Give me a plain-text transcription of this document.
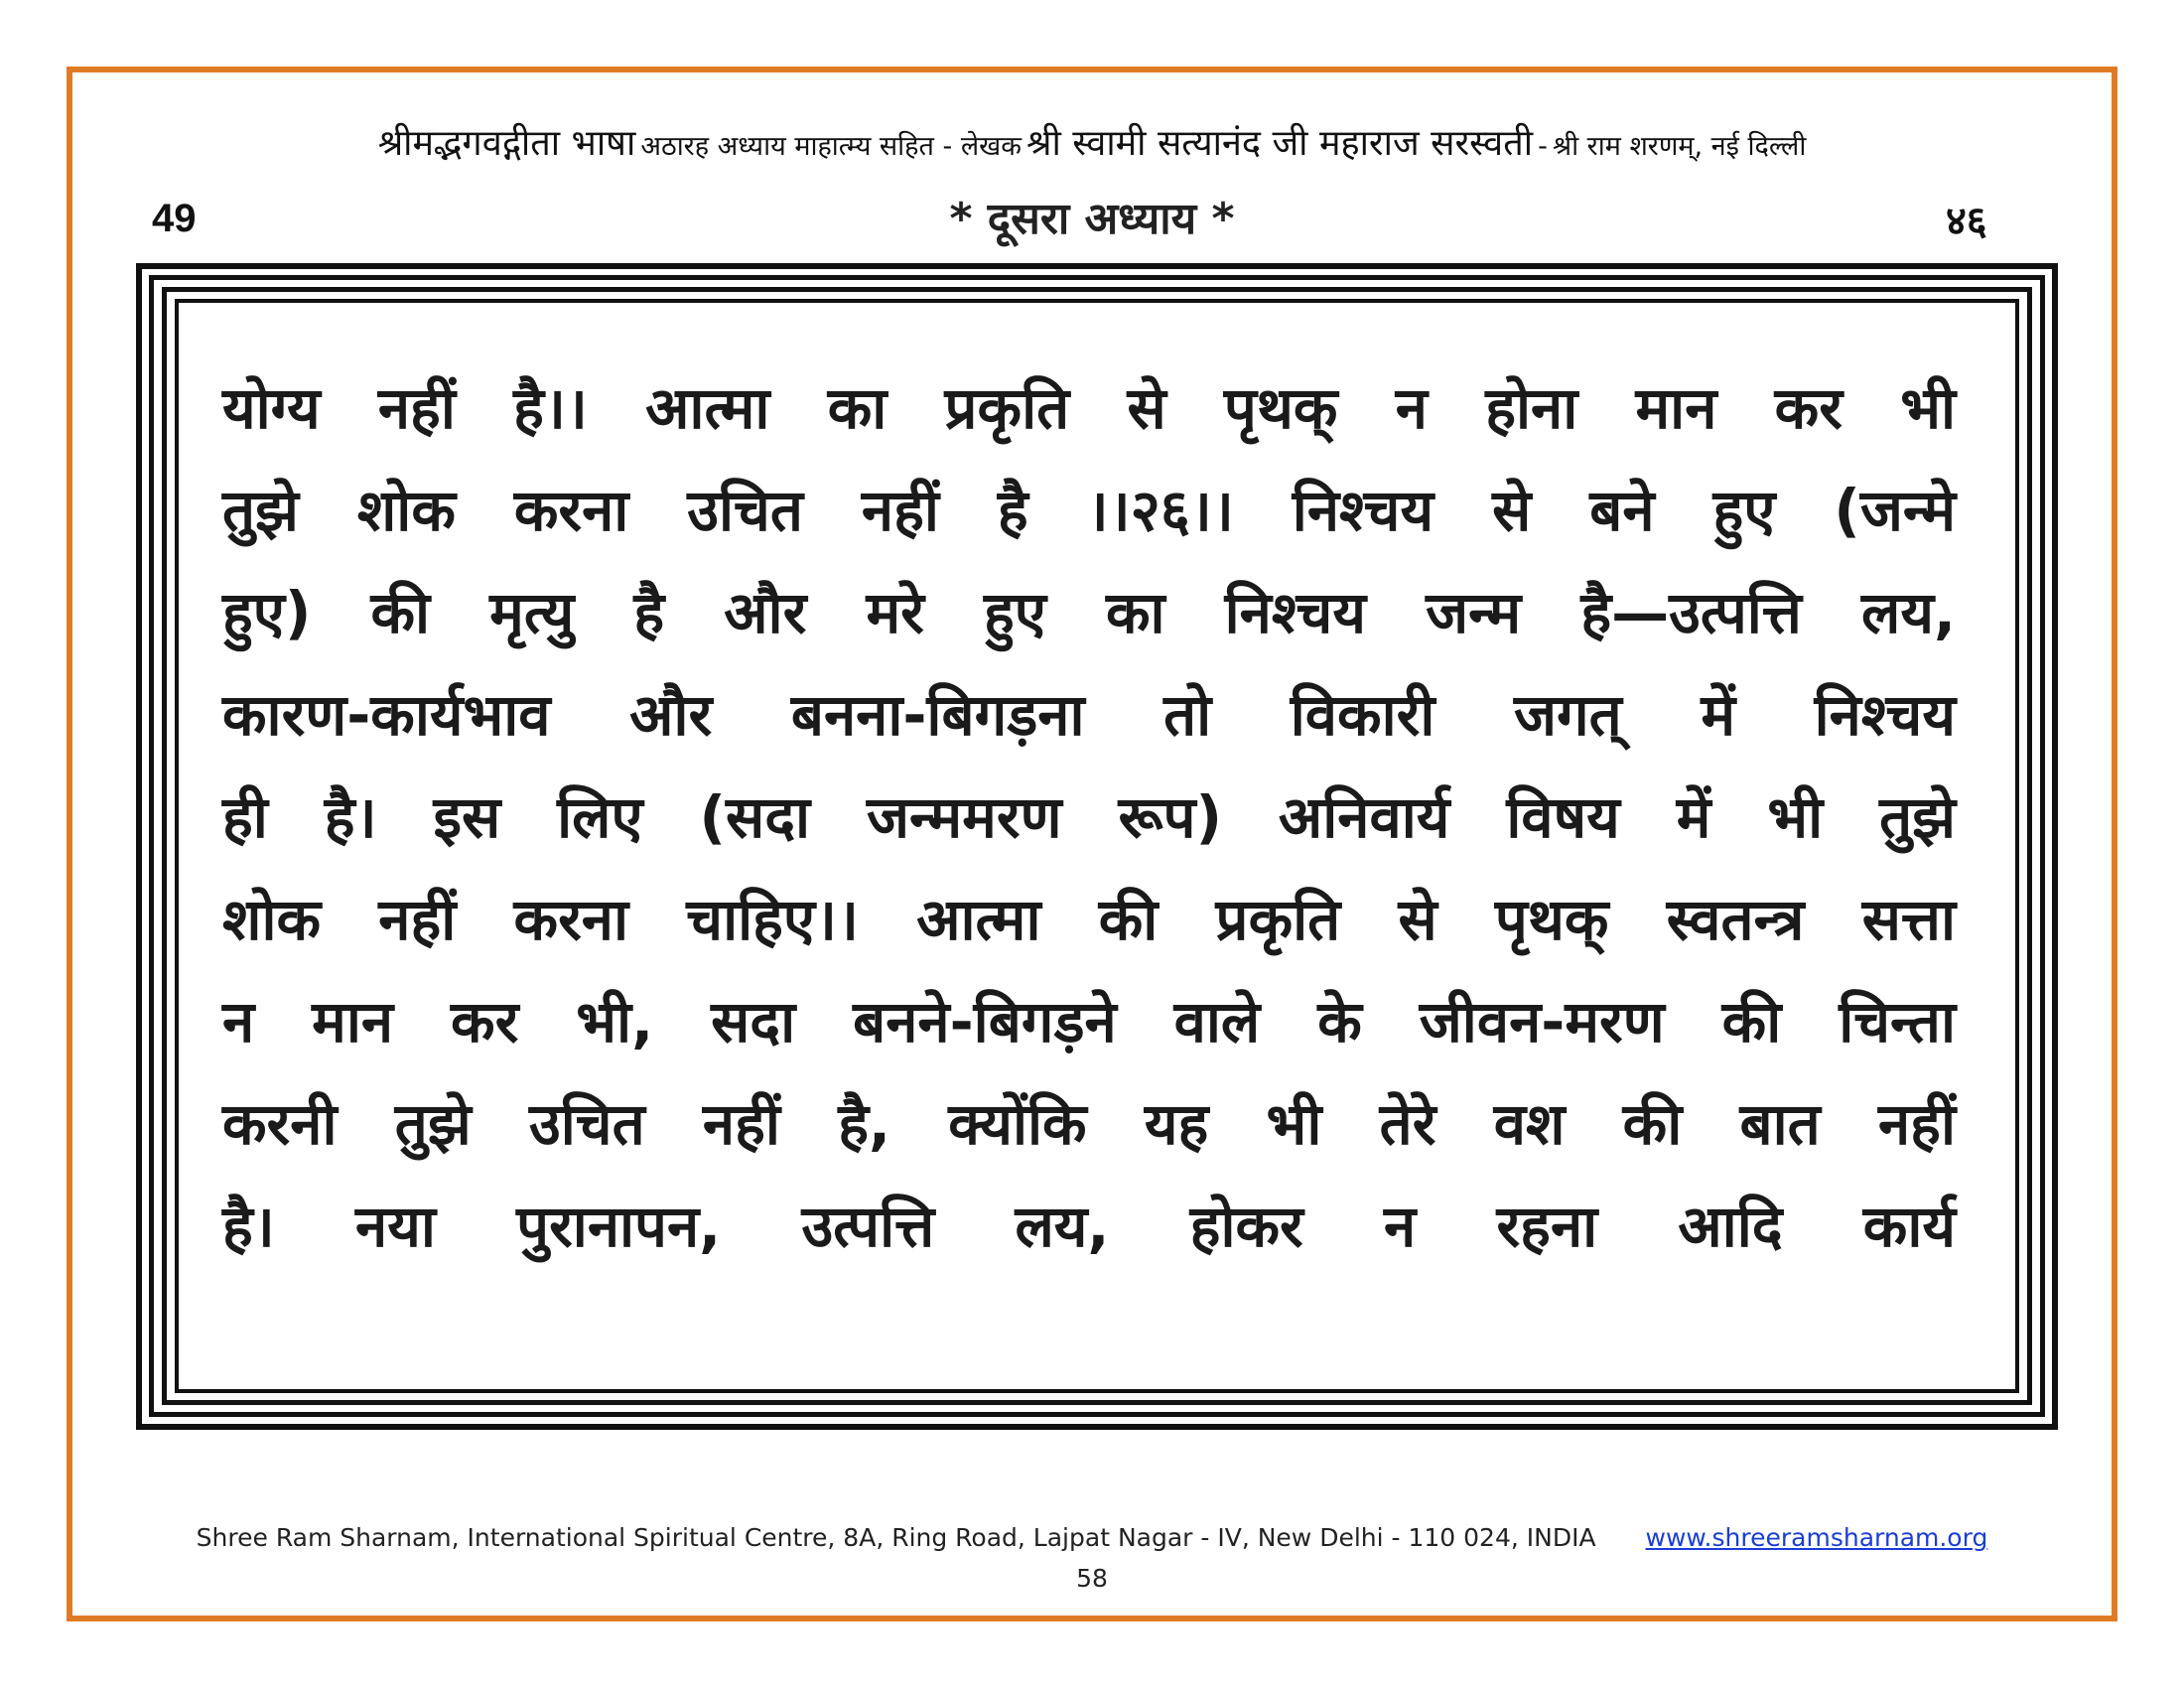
श्रीमद्भगवद्गीता भाषा अठारह अध्याय माहात्म्य सहित - लेखक श्री स्वामी सत्यानंद जी महाराज सरस्वती - श्री राम शरणम्, नई दिल्ली
49	* दूसरा अध्याय *	४६
योग्य नहीं है।। आत्मा का प्रकृति से पृथक् न होना मान कर भी
तुझे शोक करना उचित नहीं है ।।२६।। निश्चय से बने हुए (जन्मे
हुए) की मृत्यु है और मरे हुए का निश्चय जन्म है—उत्पत्ति लय,
कारण-कार्यभाव और बनना-बिगड़ना तो विकारी जगत् में निश्चय
ही है। इस लिए (सदा जन्ममरण रूप) अनिवार्य विषय में भी तुझे
शोक नहीं करना चाहिए।। आत्मा की प्रकृति से पृथक् स्वतन्त्र सत्ता
न मान कर भी, सदा बनने-बिगड़ने वाले के जीवन-मरण की चिन्ता
करनी तुझे उचित नहीं है, क्योंकि यह भी तेरे वश की बात नहीं
है। नया पुरानापन, उत्पत्ति लय, होकर न रहना आदि कार्य
Shree Ram Sharnam, International Spiritual Centre, 8A, Ring Road, Lajpat Nagar - IV, New Delhi - 110 024, INDIA www.shreeramsharnam.org
58
